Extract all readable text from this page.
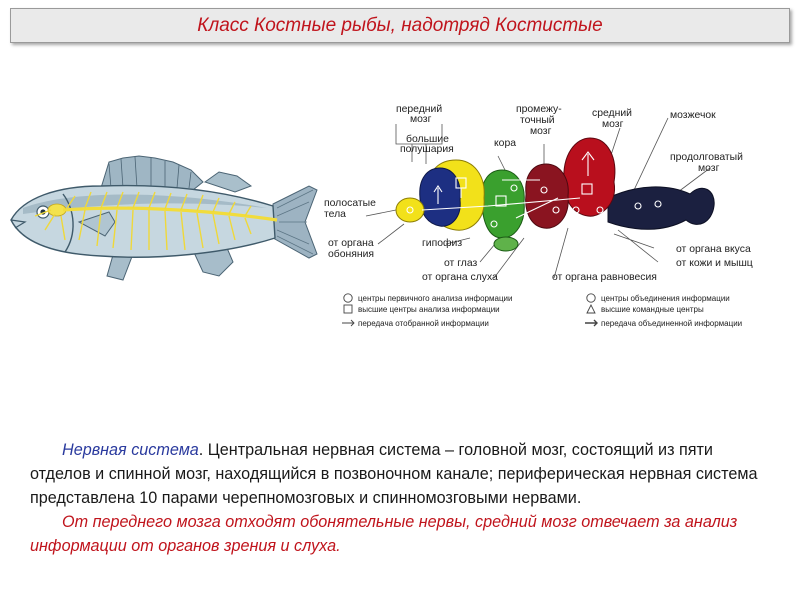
Класс Костные рыбы, надотряд Костистые
передний
мозг
большие
полушария
кора
промежу-
точный
мозг
средний
мозг
мозжечок
продолговатый
мозг
полосатые
тела
от органа
обоняния
гипофиз
от глаз
от органа слуха	от органа равновесия
от органа вкуса
от кожи и мышц
центры первичного анализа информации
высшие центры анализа информации
передача отобранной информации
центры объединения информации
высшие командные центры
передача объединенной информации

Нервная система. Центральная нервная система – головной мозг, состоящий из пяти отделов и спинной мозг, находящийся в позвоночном канале; периферическая нервная система представлена 10 парами черепномозговых и спинномозговыми нервами.

От переднего мозга отходят обонятельные нервы, средний мозг отвечает за анализ информации от органов зрения и слуха.
